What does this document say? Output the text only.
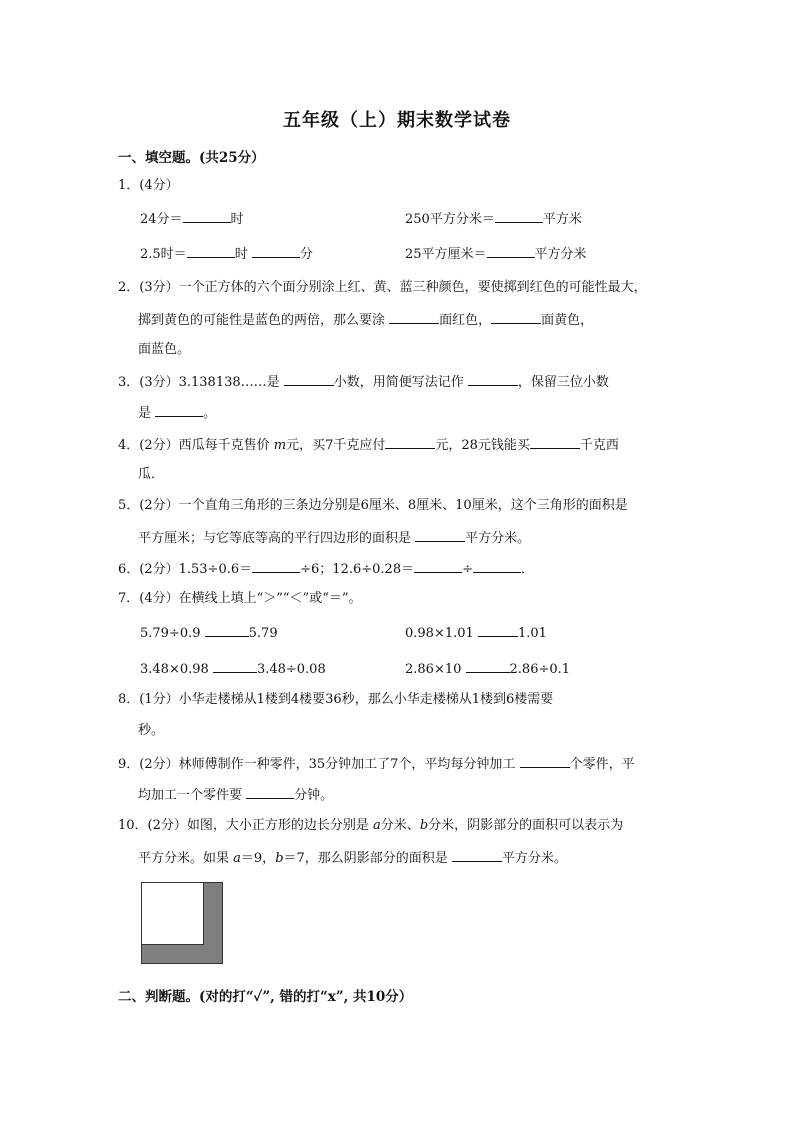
五年级（上）期末数学试卷
一、填空题。(共25分）
1．(4分）
24分＝	时	250平方分米＝	平方米
2.5时＝	时	分	25平方厘米＝	平方分米
2．(3分）一个正方体的六个面分别涂上红、黄、蓝三种颜色，要使掷到红色的可能性最大，
掷到黄色的可能性是蓝色的两倍，那么要涂	面红色，	面黄色，
面蓝色。
3．(3分）3.138138……是	小数，用简便写法记作	，保留三位小数
是	。
4．(2分）西瓜每千克售价 m元，买7千克应付	元，28元钱能买	千克西
瓜．
5．(2分）一个直角三角形的三条边分别是6厘米、8厘米、10厘米，这个三角形的面积是
平方厘米；与它等底等高的平行四边形的面积是	平方分米。
6．(2分）1.53÷0.6＝	÷6；12.6÷0.28＝	÷	．
7．(4分）在横线上填上“＞”“＜”或“＝”。
5.79÷0.9	5.79	0.98×1.01	1.01
3.48×0.98	3.48÷0.08	2.86×10	2.86÷0.1
8．(1分）小华走楼梯从1楼到4楼要36秒，那么小华走楼梯从1楼到6楼需要
秒。
9．(2分）林师傅制作一种零件，35分钟加工了7个，平均每分钟加工	个零件，平
均加工一个零件要	分钟。
10．(2分）如图，大小正方形的边长分别是 a分米、b分米，阴影部分的面积可以表示为
平方分米。如果 a＝9，b＝7，那么阴影部分的面积是	平方分米。
二、判断题。(对的打“✓”, 错的打“x”, 共10分）
